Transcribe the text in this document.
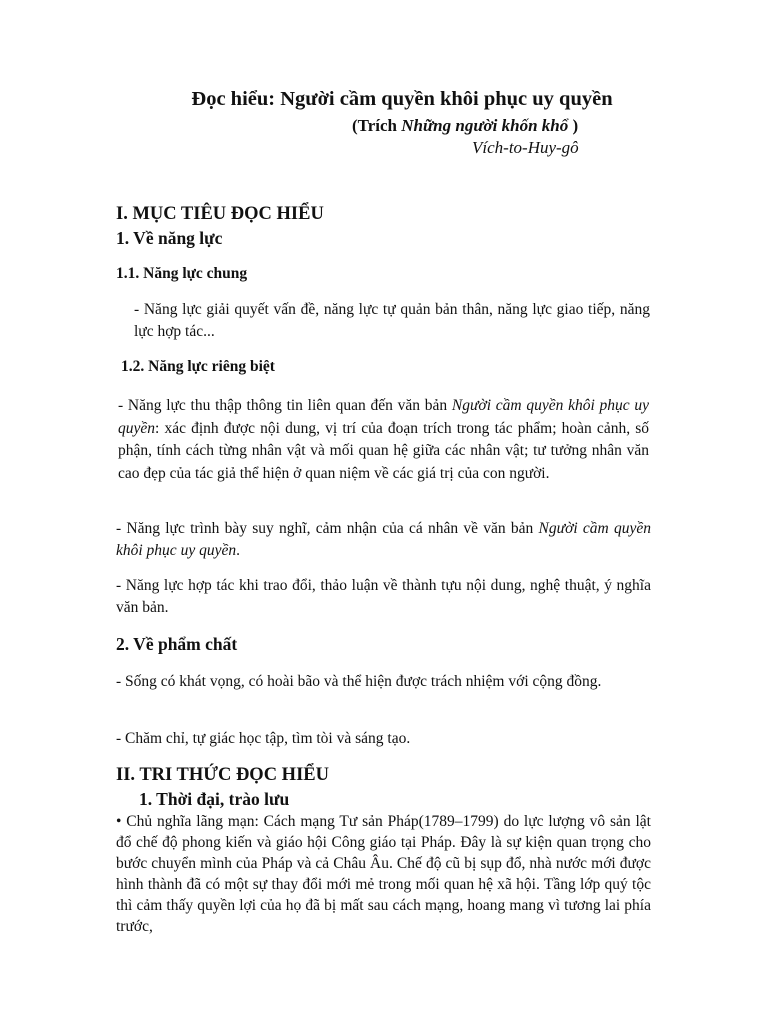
Đọc hiểu: Người cầm quyền khôi phục uy quyền
(Trích Những người khốn khổ )
Vích-to-Huy-gô
I. MỤC TIÊU ĐỌC HIỂU
1. Về năng lực
1.1. Năng lực chung
- Năng lực giải quyết vấn đề, năng lực tự quản bản thân, năng lực giao tiếp, năng lực hợp tác...
1.2. Năng lực riêng biệt
- Năng lực thu thập thông tin liên quan đến văn bản Người cầm quyền khôi phục uy quyền: xác định được nội dung, vị trí của đoạn trích trong tác phẩm; hoàn cảnh, số phận, tính cách từng nhân vật và mối quan hệ giữa các nhân vật; tư tưởng nhân văn cao đẹp của tác giả thể hiện ở quan niệm về các giá trị của con người.
- Năng lực trình bày suy nghĩ, cảm nhận của cá nhân về văn bản Người cầm quyền khôi phục uy quyền.
- Năng lực hợp tác khi trao đổi, thảo luận về thành tựu nội dung, nghệ thuật, ý nghĩa văn bản.
2. Về phẩm chất
- Sống có khát vọng, có hoài bão và thể hiện được trách nhiệm với cộng đồng.
- Chăm chỉ, tự giác học tập, tìm tòi và sáng tạo.
II. TRI THỨC ĐỌC HIỂU
1. Thời đại, trào lưu
• Chủ nghĩa lãng mạn: Cách mạng Tư sản Pháp(1789–1799) do lực lượng vô sản lật đổ chế độ phong kiến và giáo hội Công giáo tại Pháp. Đây là sự kiện quan trọng cho bước chuyển mình của Pháp và cả Châu Âu. Chế độ cũ bị sụp đổ, nhà nước mới được hình thành đã có một sự thay đổi mới mẻ trong mối quan hệ xã hội. Tầng lớp quý tộc thì cảm thấy quyền lợi của họ đã bị mất sau cách mạng, hoang mang vì tương lai phía trước,
